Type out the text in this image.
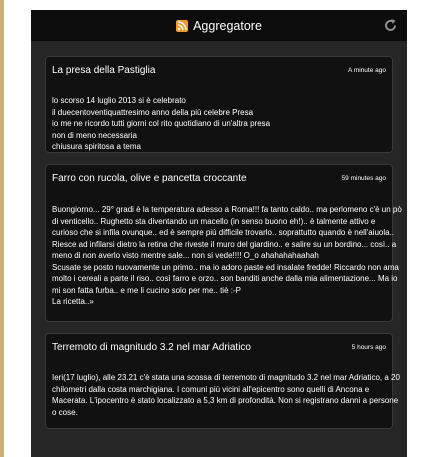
Aggregatore
La presa della Pastiglia	A minute ago
lo scorso 14 luglio 2013 si è celebrato
il duecentoventiquattresimo anno della più celebre Presa
io me ne ricordo tutti giorni col rito quotidiano di un'altra presa
non di meno necessaria
chiusura spiritosa a tema
Farro con rucola, olive e pancetta croccante	59 minutes ago
Buongiorno... 29° gradi è la temperatura adesso a Roma!!! fa tanto caldo.. ma perlomeno c'è un pò
di venticello.. Rughetto sta diventando un macello (in senso buono eh!).. è talmente attivo e
curioso che si infila ovunque.. ed è sempre più difficile trovarlo.. soprattutto quando è nell'aiuola..
Riesce ad infilarsi dietro la retina che riveste il muro del giardino.. e salire su un bordino... così.. a
meno di non averlo visto mentre sale... non si vede!!!! O_o ahahahahaahah
Scusate se posto nuovamente un primo.. ma io adoro paste ed insalate fredde! Riccardo non ama
molto i cereali a parte il riso.. così farro e orzo.. son banditi anche dalla mia alimentazione... Ma io
mi son fatta furba.. e me li cucino solo per me.. tiè :-P
La ricetta..»
Terremoto di magnitudo 3.2 nel mar Adriatico	5 hours ago
Ieri(17 luglio), alle 23.21 c'è stata una scossa di terremoto di magnitudo 3.2 nel mar Adriatico, a 20
chilometri dalla costa marchigiana. I comuni più vicini all'epicentro sono quelli di Ancona e
Macerata. L'ipocentro è stato localizzato a 5,3 km di profondità. Non si registrano danni a persone
o cose.
